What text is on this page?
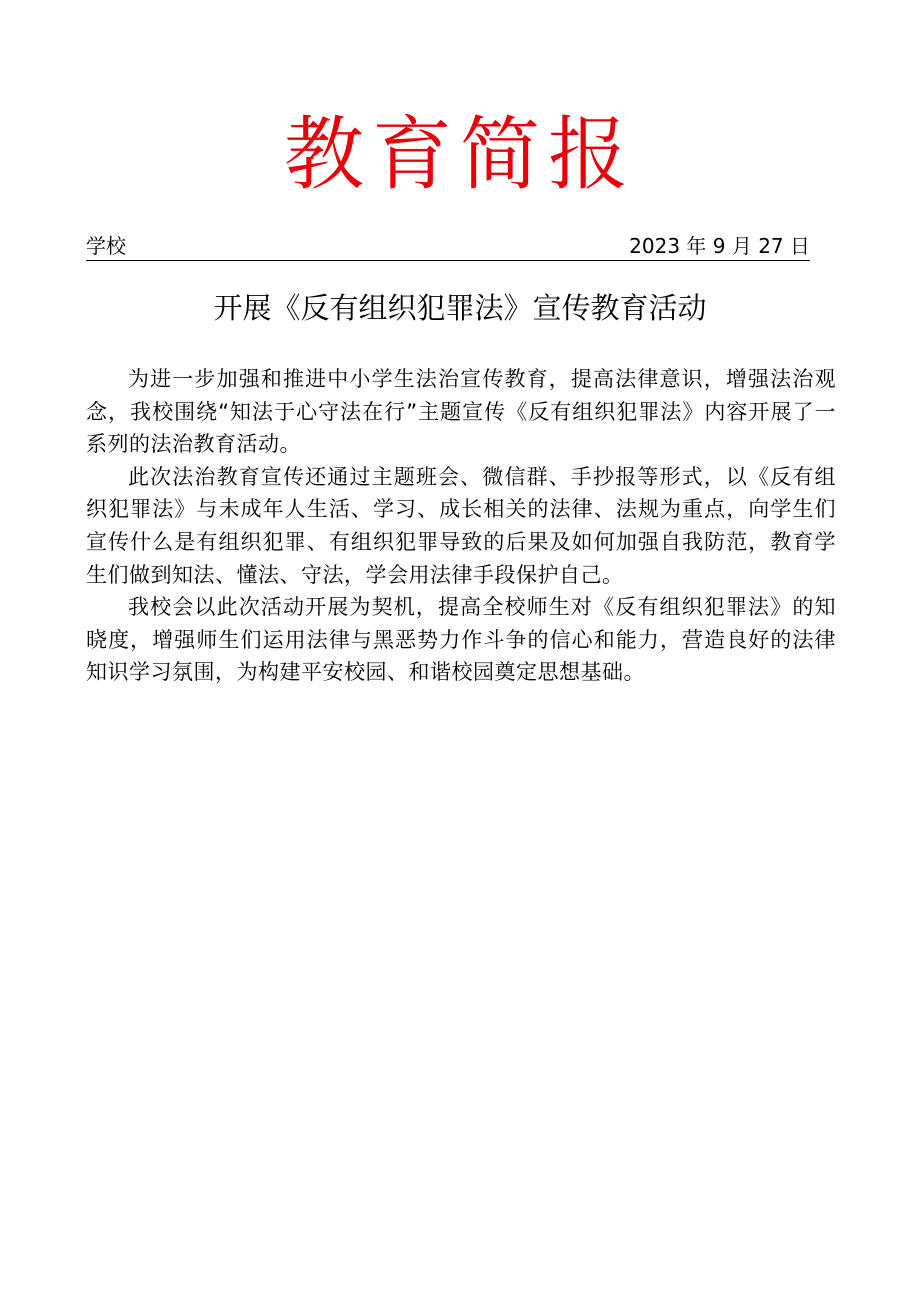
教育简报
学校	2023 年 9 月 27 日
开展《反有组织犯罪法》宣传教育活动

为进一步加强和推进中小学生法治宣传教育，提高法律意识，增强法治观念，我校围绕“知法于心守法在行”主题宣传《反有组织犯罪法》内容开展了一系列的法治教育活动。

此次法治教育宣传还通过主题班会、微信群、手抄报等形式，以《反有组织犯罪法》与未成年人生活、学习、成长相关的法律、法规为重点，向学生们宣传什么是有组织犯罪、有组织犯罪导致的后果及如何加强自我防范，教育学生们做到知法、懂法、守法，学会用法律手段保护自己。

我校会以此次活动开展为契机，提高全校师生对《反有组织犯罪法》的知晓度，增强师生们运用法律与黑恶势力作斗争的信心和能力，营造良好的法律知识学习氛围，为构建平安校园、和谐校园奠定思想基础。
